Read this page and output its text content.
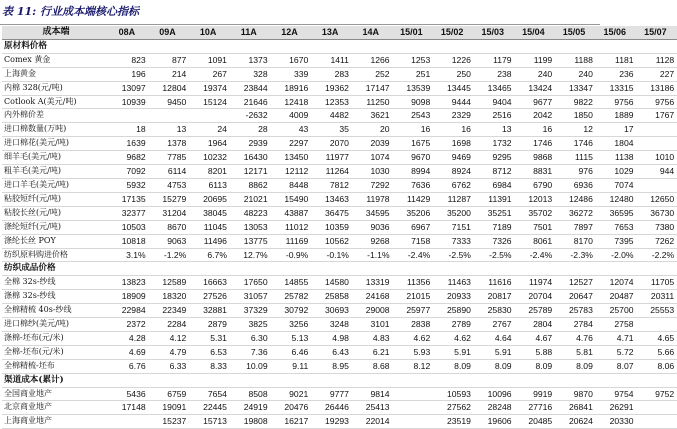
表 11: 行业成本端核心指标
成本端	08A	09A	10A	11A	12A	13A	14A	15/01	15/02	15/03	15/04	15/05	15/06	15/07
原材料价格														
Comex 黄金	823	877	1091	1373	1670	1411	1266	1253	1226	1179	1199	1188	1181	1128
上海黄金	196	214	267	328	339	283	252	251	250	238	240	240	236	227
内棉 328(元/吨)	13097	12804	19374	23844	18916	19362	17147	13539	13445	13465	13424	13347	13315	13186
Cotlook A(美元/吨)	10939	9450	15124	21646	12418	12353	11250	9098	9444	9404	9677	9822	9756	9756
内外棉价差				-2632	4009	4482	3621	2543	2329	2516	2042	1850	1889	1767
进口棉数量(万吨)	18	13	24	28	43	35	20	16	16	13	16	12	17	
进口棉花(美元/吨)	1639	1378	1964	2939	2297	2070	2039	1675	1698	1732	1746	1746	1804	
细羊毛(美元/吨)	9682	7785	10232	16430	13450	11977	1074	9670	9469	9295	9868	1115	1138	1010
粗羊毛(美元/吨)	7092	6114	8201	12171	12112	11264	1030	8994	8924	8712	8831	976	1029	944
进口羊毛(美元/吨)	5932	4753	6113	8862	8448	7812	7292	7636	6762	6984	6790	6936	7074	
粘胶短纤(元/吨)	17135	15279	20695	21021	15490	13463	11978	11429	11287	11391	12013	12486	12480	12650
粘胶长丝(元/吨)	32377	31204	38045	48223	43887	36475	34595	35206	35200	35251	35702	36272	36595	36730
涤纶短纤(元/吨)	10503	8670	11045	13053	11012	10359	9036	6967	7151	7189	7501	7897	7653	7380
涤纶长丝 POY	10818	9063	11496	13775	11169	10562	9268	7158	7333	7326	8061	8170	7395	7262
纺织原料购进价格	3.1%	-1.2%	6.7%	12.7%	-0.9%	-0.1%	-1.1%	-2.4%	-2.5%	-2.5%	-2.4%	-2.3%	-2.0%	-2.2%
纺织成品价格														
全棉 32s-纱线	13823	12589	16663	17650	14855	14580	13319	11356	11463	11616	11974	12527	12074	11705
涤棉 32s-纱线	18909	18320	27526	31057	25782	25858	24168	21015	20933	20817	20704	20647	20487	20311
全棉精梳 40s-纱线	22984	22349	32881	37329	30792	30693	29008	25977	25890	25830	25789	25783	25700	25553
进口棉纱(美元/吨)	2372	2284	2879	3825	3256	3248	3101	2838	2789	2767	2804	2784	2758	
涤棉-坯布(元/米)	4.28	4.12	5.31	6.30	5.13	4.98	4.83	4.62	4.62	4.64	4.67	4.76	4.71	4.65
全棉-坯布(元/米)	4.69	4.79	6.53	7.36	6.46	6.43	6.21	5.93	5.91	5.91	5.88	5.81	5.72	5.66
全棉精梳-坯布	6.76	6.33	8.33	10.09	9.11	8.95	8.68	8.12	8.09	8.09	8.09	8.09	8.07	8.06
渠道成本(累计)														
全国商业地产	5436	6759	7654	8508	9021	9777	9814		10593	10096	9919	9870	9754	9752
北京商业地产	17148	19091	22445	24919	20476	26446	25413		27562	28248	27716	26841	26291	
上海商业地产		15237	15713	19808	16217	19293	22014		23519	19606	20485	20624	20330	
